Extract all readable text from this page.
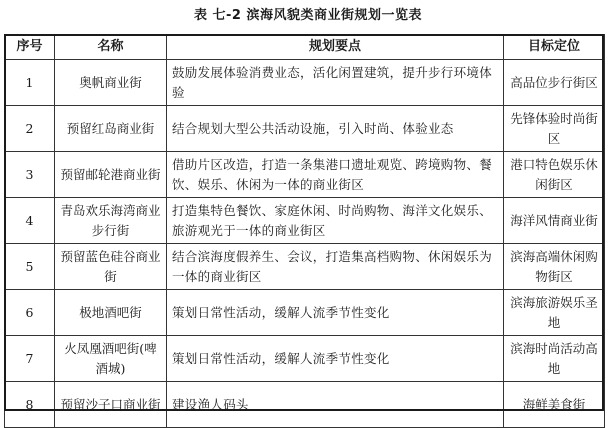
表 七-2 滨海风貌类商业街规划一览表
序号	名称	规划要点	目标定位
1	奥帆商业街	鼓励发展体验消费业态，活化闲置建筑，提升步行环境体验	高品位步行街区
2	预留红岛商业街	结合规划大型公共活动设施，引入时尚、体验业态	先锋体验时尚街区
3	预留邮轮港商业街	借助片区改造，打造一条集港口遗址观览、跨境购物、餐饮、娱乐、休闲为一体的商业街区	港口特色娱乐休闲街区
4	青岛欢乐海湾商业步行街	打造集特色餐饮、家庭休闲、时尚购物、海洋文化娱乐、旅游观光于一体的商业街区	海洋风情商业街
5	预留蓝色硅谷商业街	结合滨海度假养生、会议，打造集高档购物、休闲娱乐为一体的商业街区	滨海高端休闲购物街区
6	极地酒吧街	策划日常性活动，缓解人流季节性变化	滨海旅游娱乐圣地
7	火凤凰酒吧街(啤酒城)	策划日常性活动，缓解人流季节性变化	滨海时尚活动高地
8	预留沙子口商业街	建设渔人码头	海鲜美食街
